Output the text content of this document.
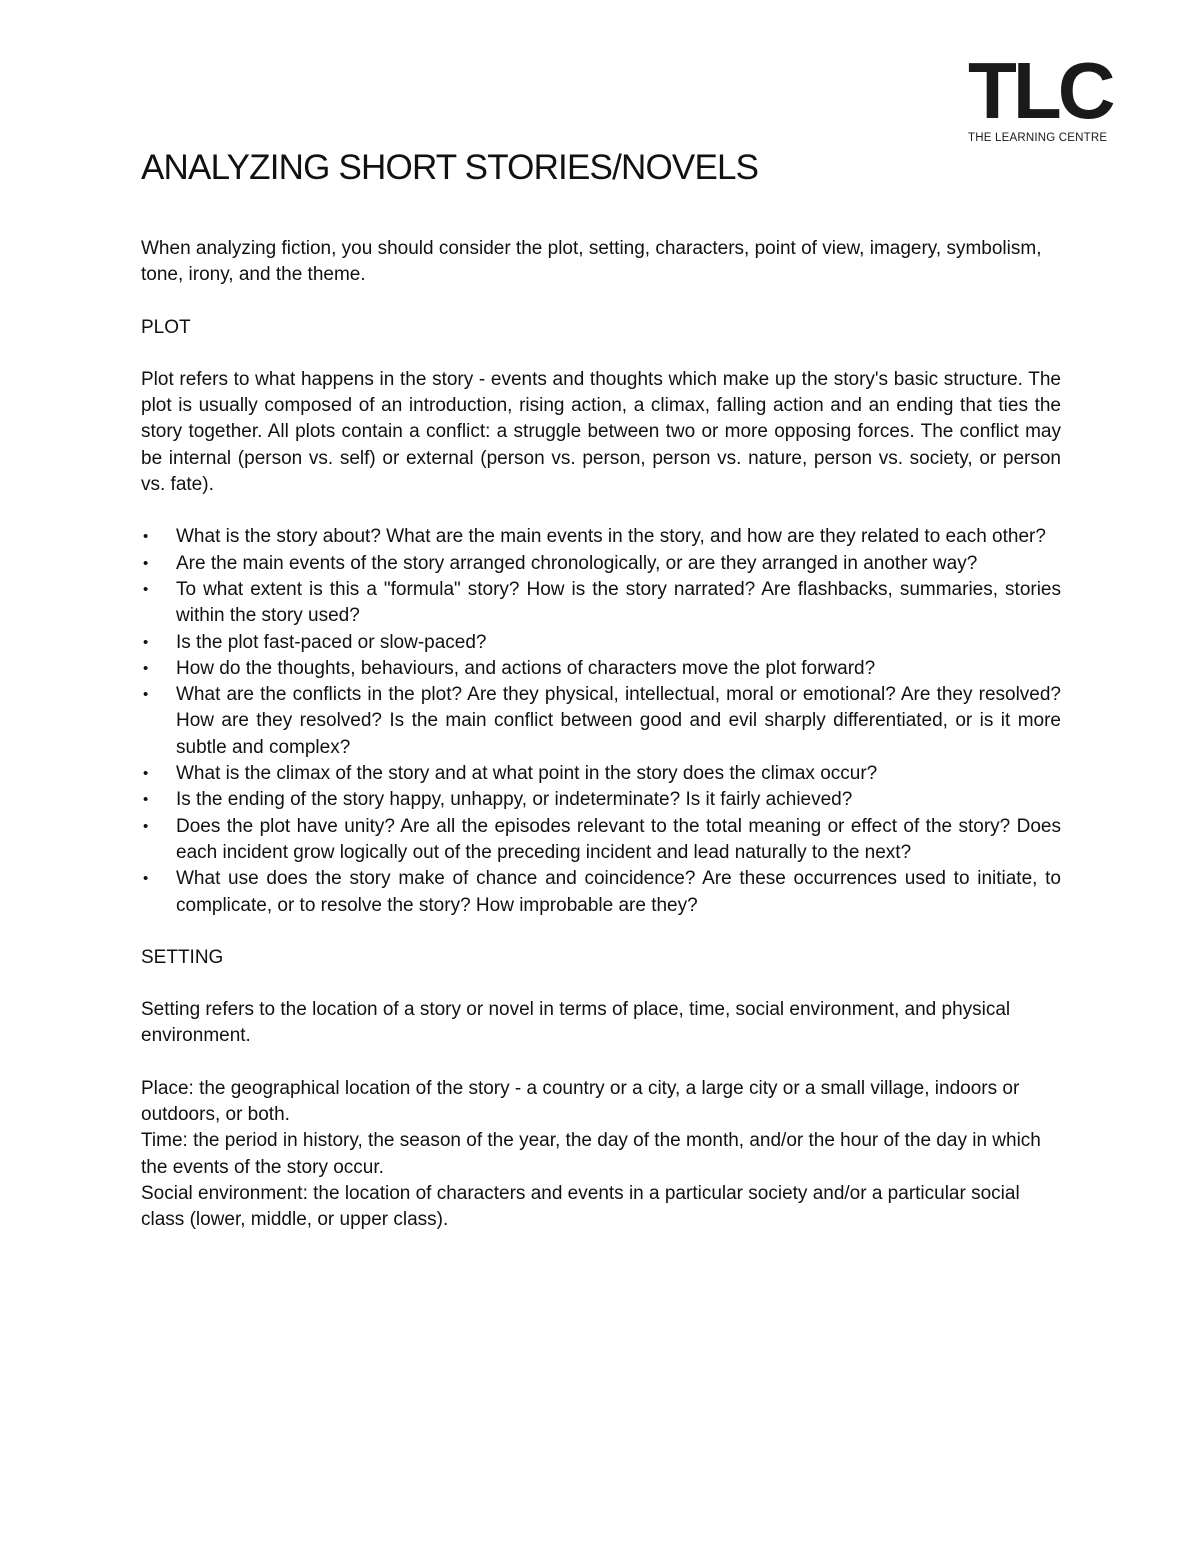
TLC
THE LEARNING CENTRE
ANALYZING SHORT STORIES/NOVELS

When analyzing fiction, you should consider the plot, setting, characters, point of view, imagery, symbolism, tone, irony, and the theme.

PLOT

Plot refers to what happens in the story - events and thoughts which make up the story's basic structure. The plot is usually composed of an introduction, rising action, a climax, falling action and an ending that ties the story together. All plots contain a conflict: a struggle between two or more opposing forces. The conflict may be internal (person vs. self) or external (person vs. person, person vs. nature, person vs. society, or person vs. fate).

• What is the story about? What are the main events in the story, and how are they related to each other?
• Are the main events of the story arranged chronologically, or are they arranged in another way?
• To what extent is this a "formula" story? How is the story narrated? Are flashbacks, summaries, stories within the story used?
• Is the plot fast-paced or slow-paced?
• How do the thoughts, behaviours, and actions of characters move the plot forward?
• What are the conflicts in the plot? Are they physical, intellectual, moral or emotional? Are they resolved? How are they resolved? Is the main conflict between good and evil sharply differentiated, or is it more subtle and complex?
• What is the climax of the story and at what point in the story does the climax occur?
• Is the ending of the story happy, unhappy, or indeterminate? Is it fairly achieved?
• Does the plot have unity? Are all the episodes relevant to the total meaning or effect of the story? Does each incident grow logically out of the preceding incident and lead naturally to the next?
• What use does the story make of chance and coincidence? Are these occurrences used to initiate, to complicate, or to resolve the story? How improbable are they?

SETTING

Setting refers to the location of a story or novel in terms of place, time, social environment, and physical environment.

Place: the geographical location of the story - a country or a city, a large city or a small village, indoors or outdoors, or both.

Time: the period in history, the season of the year, the day of the month, and/or the hour of the day in which the events of the story occur.

Social environment: the location of characters and events in a particular society and/or a particular social class (lower, middle, or upper class).
